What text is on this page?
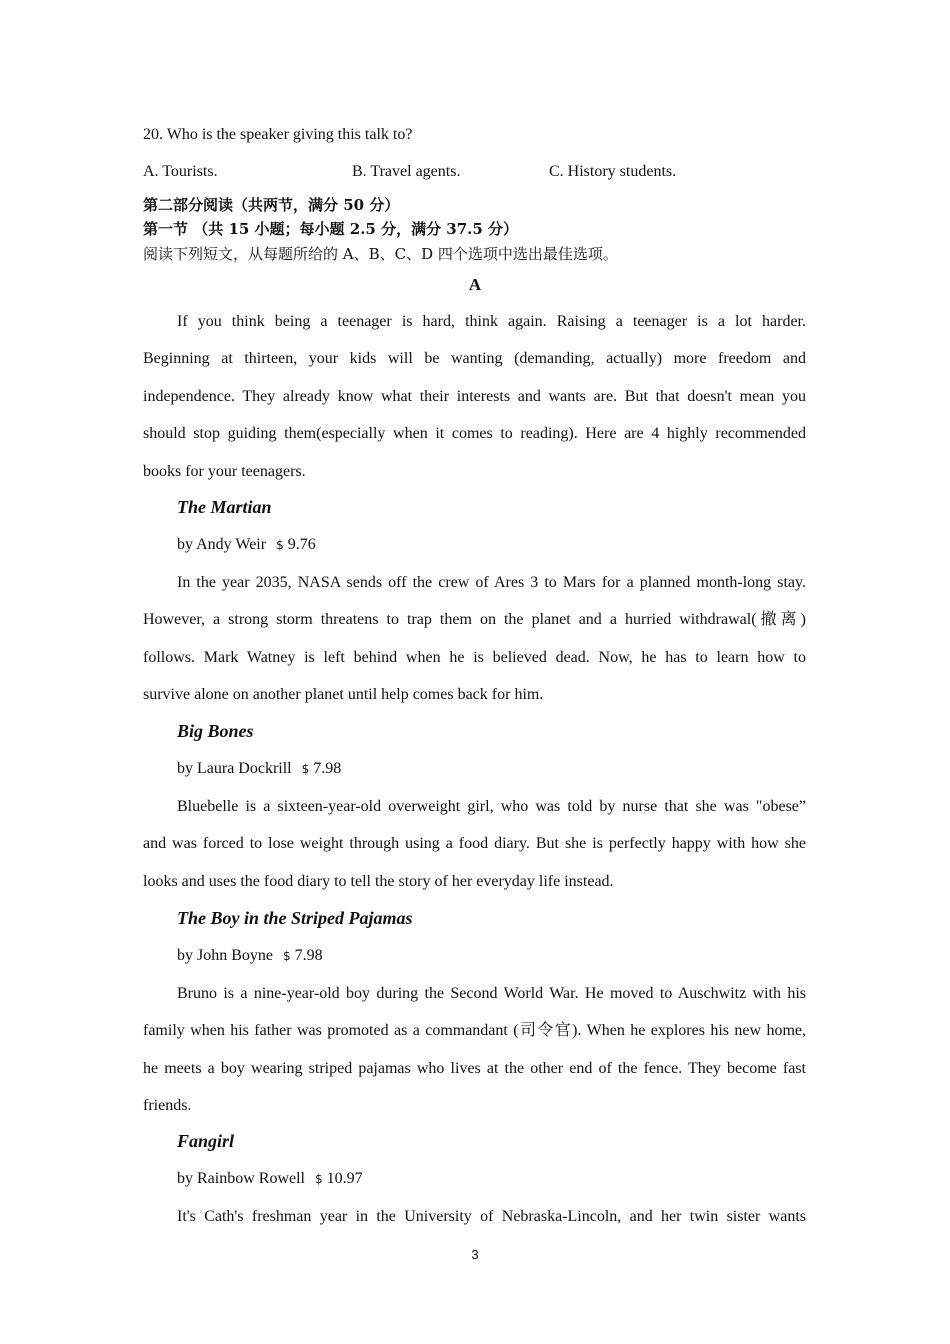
20. Who is the speaker giving this talk to?
A. Tourists.	B. Travel agents.	C. History students.
第二部分阅读（共两节，满分 50 分）
第一节 （共 15 小题；每小题 2.5 分，满分 37.5 分）
阅读下列短文，从每题所给的 A、B、C、D 四个选项中选出最佳选项。
A
If you think being a teenager is hard, think again. Raising a teenager is a lot harder.
Beginning at thirteen, your kids will be wanting (demanding, actually) more freedom and
independence. They already know what their interests and wants are. But that doesn't mean you
should stop guiding them(especially when it comes to reading). Here are 4 highly recommended
books for your teenagers.
The Martian
by Andy Weir $ 9.76
In the year 2035, NASA sends off the crew of Ares 3 to Mars for a planned month-long stay.
However, a strong storm threatens to trap them on the planet and a hurried withdrawal(撤离)
follows. Mark Watney is left behind when he is believed dead. Now, he has to learn how to
survive alone on another planet until help comes back for him.
Big Bones
by Laura Dockrill $ 7.98
Bluebelle is a sixteen-year-old overweight girl, who was told by nurse that she was "obese”
and was forced to lose weight through using a food diary. But she is perfectly happy with how she
looks and uses the food diary to tell the story of her everyday life instead.
The Boy in the Striped Pajamas
by John Boyne $ 7.98
Bruno is a nine-year-old boy during the Second World War. He moved to Auschwitz with his
family when his father was promoted as a commandant (司令官). When he explores his new home,
he meets a boy wearing striped pajamas who lives at the other end of the fence. They become fast
friends.
Fangirl
by Rainbow Rowell $ 10.97
It's Cath's freshman year in the University of Nebraska-Lincoln, and her twin sister wants
3
